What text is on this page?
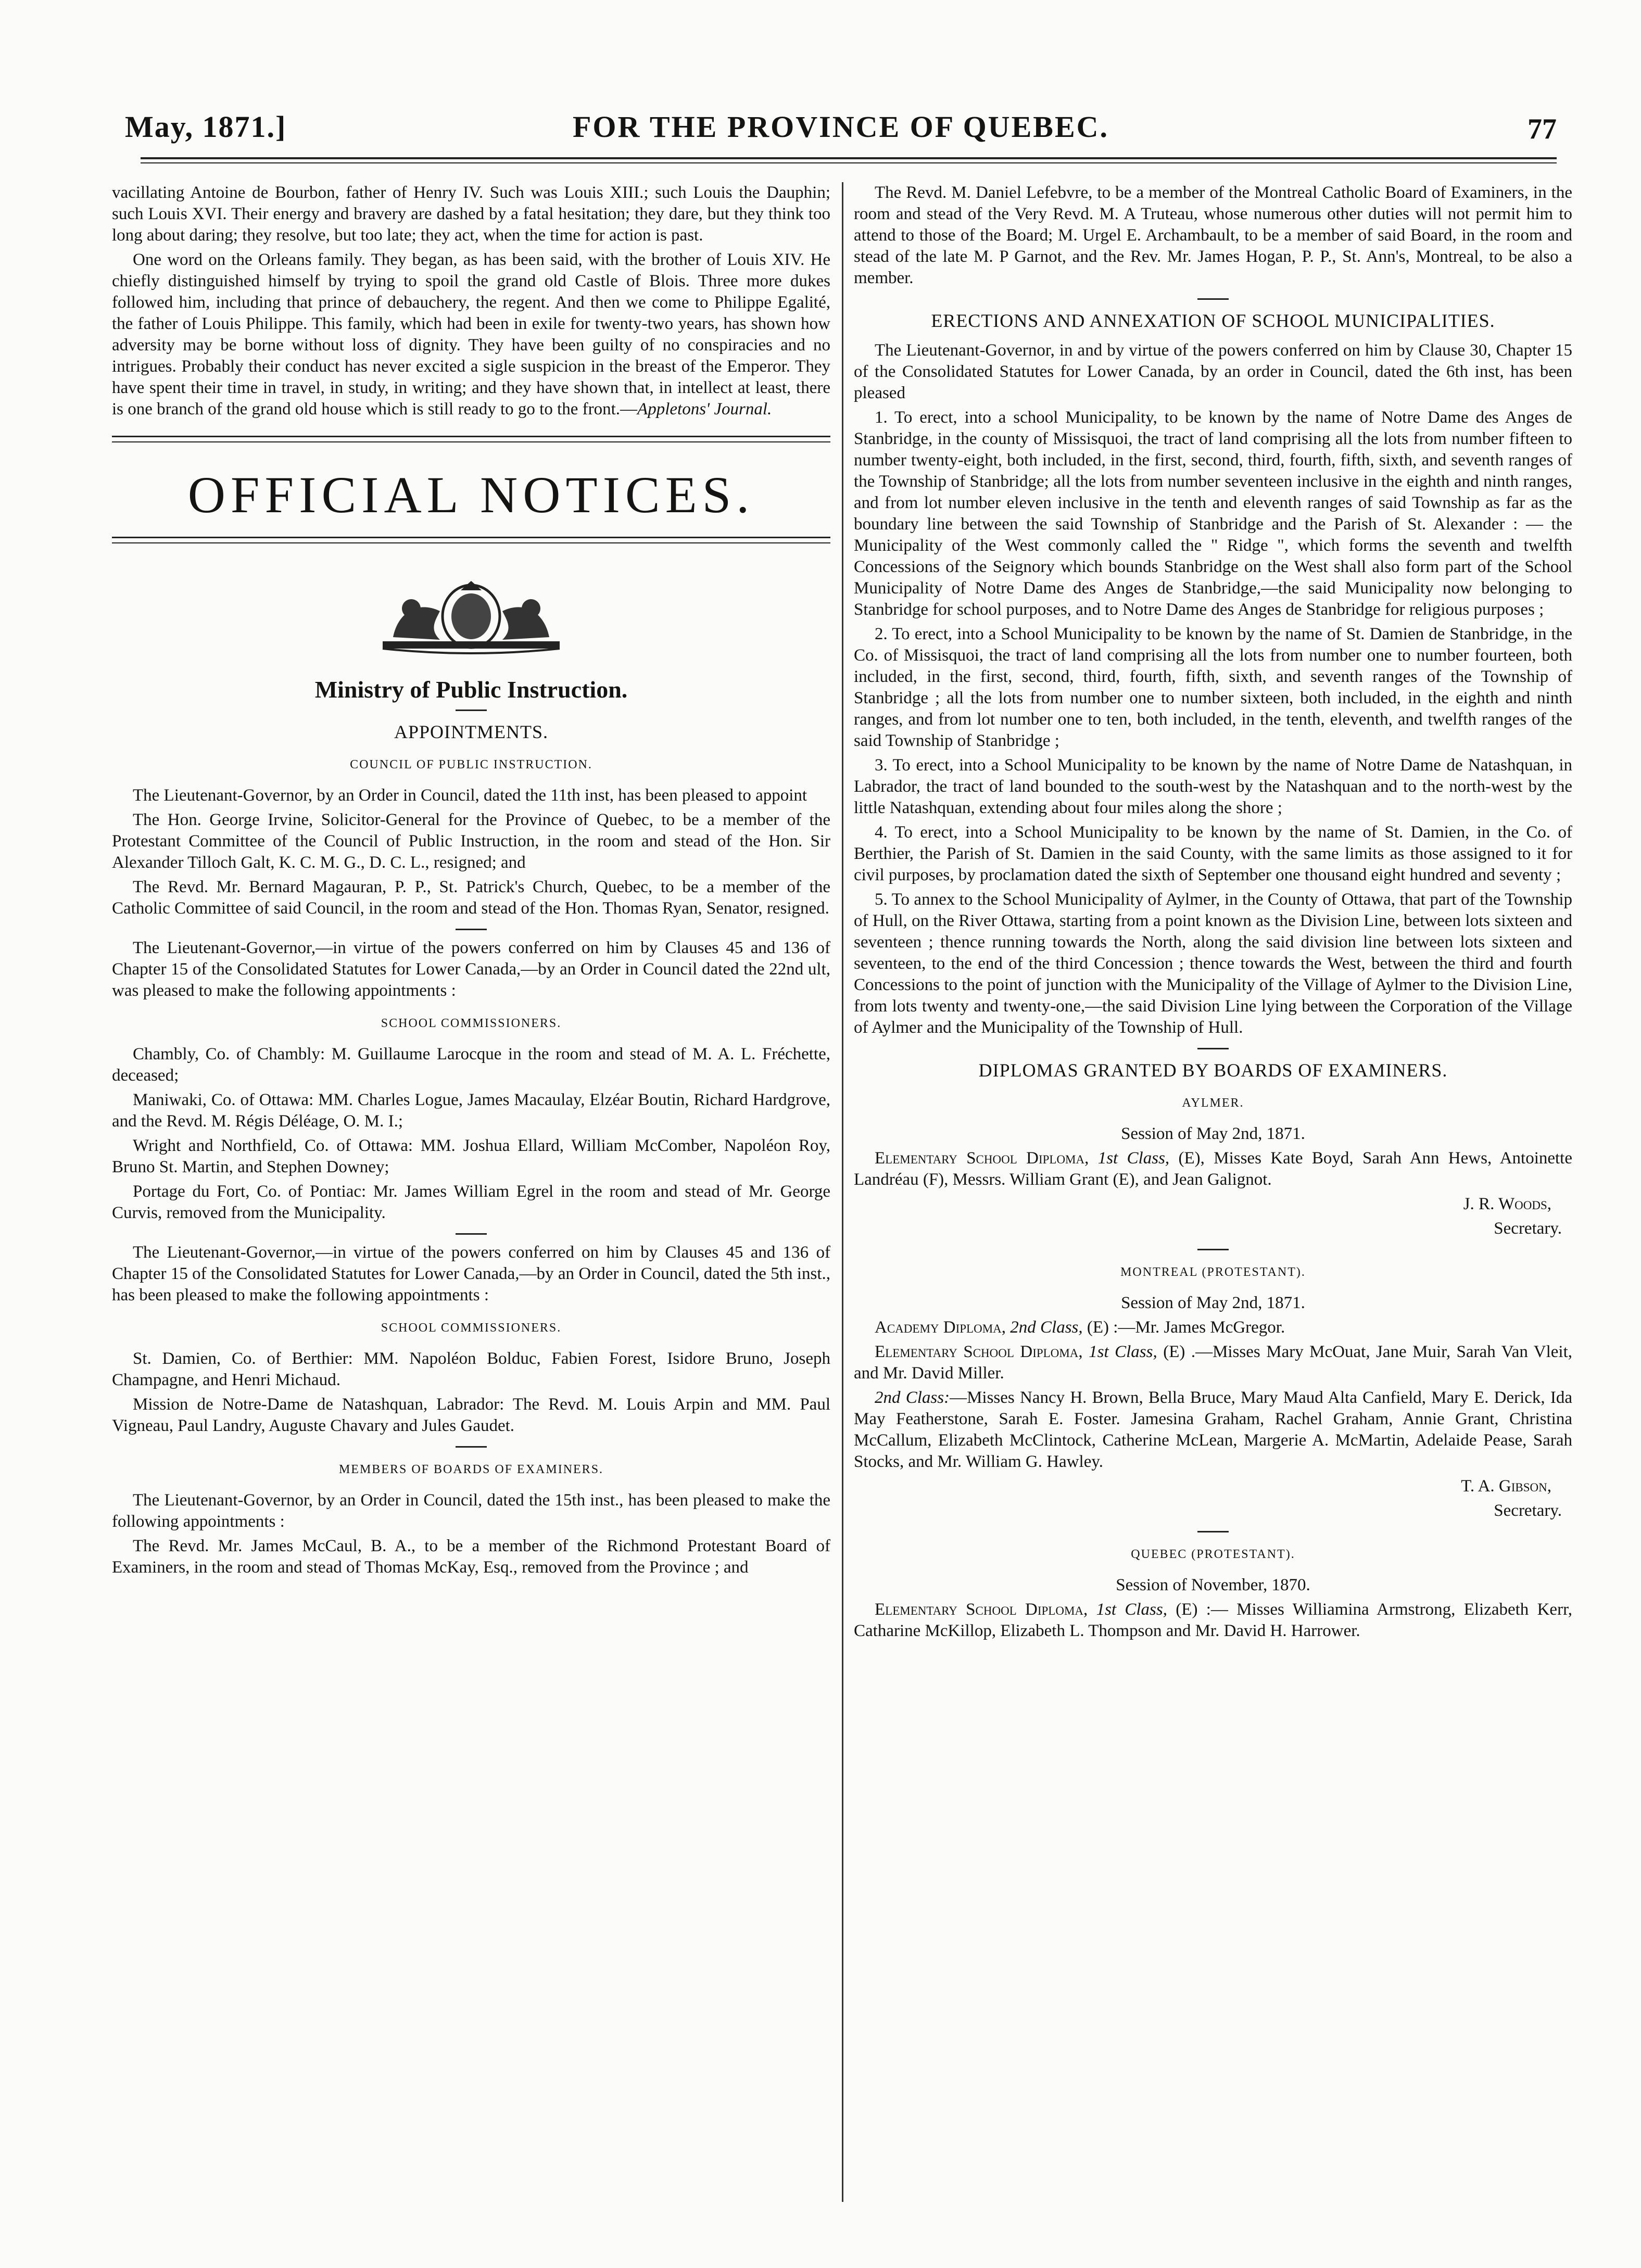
May, 1871.]	FOR THE PROVINCE OF QUEBEC.	77

vacillating Antoine de Bourbon, father of Henry IV. Such was Louis XIII.; such Louis the Dauphin; such Louis XVI. Their energy and bravery are dashed by a fatal hesitation; they dare, but they think too long about daring; they resolve, but too late; they act, when the time for action is past.

One word on the Orleans family. They began, as has been said, with the brother of Louis XIV. He chiefly distinguished himself by trying to spoil the grand old Castle of Blois. Three more dukes followed him, including that prince of debauchery, the regent. And then we come to Philippe Egalité, the father of Louis Philippe. This family, which had been in exile for twenty-two years, has shown how adversity may be borne without loss of dignity. They have been guilty of no conspiracies and no intrigues. Probably their conduct has never excited a sigle suspicion in the breast of the Emperor. They have spent their time in travel, in study, in writing; and they have shown that, in intellect at least, there is one branch of the grand old house which is still ready to go to the front.—Appletons' Journal.

OFFICIAL NOTICES.
Ministry of Public Instruction.
APPOINTMENTS.
COUNCIL OF PUBLIC INSTRUCTION.

The Lieutenant-Governor, by an Order in Council, dated the 11th inst, has been pleased to appoint

The Hon. George Irvine, Solicitor-General for the Province of Quebec, to be a member of the Protestant Committee of the Council of Public Instruction, in the room and stead of the Hon. Sir Alexander Tilloch Galt, K. C. M. G., D. C. L., resigned; and

The Revd. Mr. Bernard Magauran, P. P., St. Patrick's Church, Quebec, to be a member of the Catholic Committee of said Council, in the room and stead of the Hon. Thomas Ryan, Senator, resigned.

The Lieutenant-Governor,—in virtue of the powers conferred on him by Clauses 45 and 136 of Chapter 15 of the Consolidated Statutes for Lower Canada,—by an Order in Council dated the 22nd ult, was pleased to make the following appointments :

SCHOOL COMMISSIONERS.

Chambly, Co. of Chambly: M. Guillaume Larocque in the room and stead of M. A. L. Fréchette, deceased;

Maniwaki, Co. of Ottawa: MM. Charles Logue, James Macaulay, Elzéar Boutin, Richard Hardgrove, and the Revd. M. Régis Déléage, O. M. I.;

Wright and Northfield, Co. of Ottawa: MM. Joshua Ellard, William McComber, Napoléon Roy, Bruno St. Martin, and Stephen Downey;

Portage du Fort, Co. of Pontiac: Mr. James William Egrel in the room and stead of Mr. George Curvis, removed from the Municipality.

The Lieutenant-Governor,—in virtue of the powers conferred on him by Clauses 45 and 136 of Chapter 15 of the Consolidated Statutes for Lower Canada,—by an Order in Council, dated the 5th inst., has been pleased to make the following appointments :

SCHOOL COMMISSIONERS.

St. Damien, Co. of Berthier: MM. Napoléon Bolduc, Fabien Forest, Isidore Bruno, Joseph Champagne, and Henri Michaud.

Mission de Notre-Dame de Natashquan, Labrador: The Revd. M. Louis Arpin and MM. Paul Vigneau, Paul Landry, Auguste Chavary and Jules Gaudet.

MEMBERS OF BOARDS OF EXAMINERS.

The Lieutenant-Governor, by an Order in Council, dated the 15th inst., has been pleased to make the following appointments :

The Revd. Mr. James McCaul, B. A., to be a member of the Richmond Protestant Board of Examiners, in the room and stead of Thomas McKay, Esq., removed from the Province ; and

The Revd. M. Daniel Lefebvre, to be a member of the Montreal Catholic Board of Examiners, in the room and stead of the Very Revd. M. A Truteau, whose numerous other duties will not permit him to attend to those of the Board; M. Urgel E. Archambault, to be a member of said Board, in the room and stead of the late M. P Garnot, and the Rev. Mr. James Hogan, P. P., St. Ann's, Montreal, to be also a member.

ERECTIONS AND ANNEXATION OF SCHOOL MUNICIPALITIES.

The Lieutenant-Governor, in and by virtue of the powers conferred on him by Clause 30, Chapter 15 of the Consolidated Statutes for Lower Canada, by an order in Council, dated the 6th inst, has been pleased

1. To erect, into a school Municipality, to be known by the name of Notre Dame des Anges de Stanbridge, in the county of Missisquoi, the tract of land comprising all the lots from number fifteen to number twenty-eight, both included, in the first, second, third, fourth, fifth, sixth, and seventh ranges of the Township of Stanbridge; all the lots from number seventeen inclusive in the eighth and ninth ranges, and from lot number eleven inclusive in the tenth and eleventh ranges of said Township as far as the boundary line between the said Township of Stanbridge and the Parish of St. Alexander : — the Municipality of the West commonly called the " Ridge ", which forms the seventh and twelfth Concessions of the Seignory which bounds Stanbridge on the West shall also form part of the School Municipality of Notre Dame des Anges de Stanbridge,—the said Municipality now belonging to Stanbridge for school purposes, and to Notre Dame des Anges de Stanbridge for religious purposes ;

2. To erect, into a School Municipality to be known by the name of St. Damien de Stanbridge, in the Co. of Missisquoi, the tract of land comprising all the lots from number one to number fourteen, both included, in the first, second, third, fourth, fifth, sixth, and seventh ranges of the Township of Stanbridge ; all the lots from number one to number sixteen, both included, in the eighth and ninth ranges, and from lot number one to ten, both included, in the tenth, eleventh, and twelfth ranges of the said Township of Stanbridge ;

3. To erect, into a School Municipality to be known by the name of Notre Dame de Natashquan, in Labrador, the tract of land bounded to the south-west by the Natashquan and to the north-west by the little Natashquan, extending about four miles along the shore ;

4. To erect, into a School Municipality to be known by the name of St. Damien, in the Co. of Berthier, the Parish of St. Damien in the said County, with the same limits as those assigned to it for civil purposes, by proclamation dated the sixth of September one thousand eight hundred and seventy ;

5. To annex to the School Municipality of Aylmer, in the County of Ottawa, that part of the Township of Hull, on the River Ottawa, starting from a point known as the Division Line, between lots sixteen and seventeen ; thence running towards the North, along the said division line between lots sixteen and seventeen, to the end of the third Concession ; thence towards the West, between the third and fourth Concessions to the point of junction with the Municipality of the Village of Aylmer to the Division Line, from lots twenty and twenty-one,—the said Division Line lying between the Corporation of the Village of Aylmer and the Municipality of the Township of Hull.

DIPLOMAS GRANTED BY BOARDS OF EXAMINERS.
AYLMER.

Session of May 2nd, 1871.

Elementary School Diploma, 1st Class, (E), Misses Kate Boyd, Sarah Ann Hews, Antoinette Landréau (F), Messrs. William Grant (E), and Jean Galignot.

J. R. Woods,

Secretary.

MONTREAL (PROTESTANT).

Session of May 2nd, 1871.

Academy Diploma, 2nd Class, (E) :—Mr. James McGregor.

Elementary School Diploma, 1st Class, (E) .—Misses Mary McOuat, Jane Muir, Sarah Van Vleit, and Mr. David Miller.

2nd Class:—Misses Nancy H. Brown, Bella Bruce, Mary Maud Alta Canfield, Mary E. Derick, Ida May Featherstone, Sarah E. Foster. Jamesina Graham, Rachel Graham, Annie Grant, Christina McCallum, Elizabeth McClintock, Catherine McLean, Margerie A. McMartin, Adelaide Pease, Sarah Stocks, and Mr. William G. Hawley.

T. A. Gibson,

Secretary.

QUEBEC (PROTESTANT).

Session of November, 1870.

Elementary School Diploma, 1st Class, (E) :— Misses Williamina Armstrong, Elizabeth Kerr, Catharine McKillop, Elizabeth L. Thompson and Mr. David H. Harrower.
